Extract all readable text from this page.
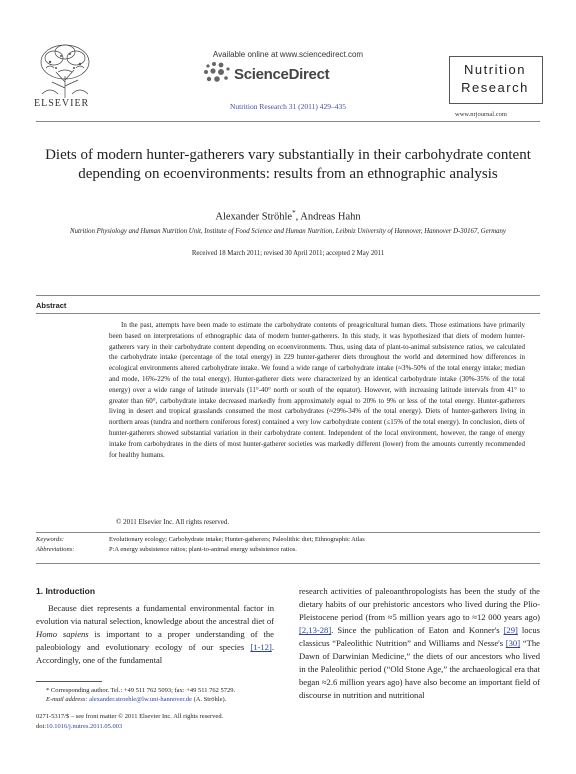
ELSEVIER
Available online at www.sciencedirect.com
ScienceDirect
Nutrition Research 31 (2011) 429–435
Nutrition
Research
www.nrjournal.com
Diets of modern hunter-gatherers vary substantially in their carbohydrate content depending on ecoenvironments: results from an ethnographic analysis
Alexander Ströhle*, Andreas Hahn
Nutrition Physiology and Human Nutrition Unit, Institute of Food Science and Human Nutrition, Leibniz University of Hannover, Hannover D-30167, Germany
Received 18 March 2011; revised 30 April 2011; accepted 2 May 2011
Abstract
In the past, attempts have been made to estimate the carbohydrate contents of preagricultural human diets. Those estimations have primarily been based on interpretations of ethnographic data of modern hunter-gatherers. In this study, it was hypothesized that diets of modern hunter-gatherers vary in their carbohydrate content depending on ecoenvironments. Thus, using data of plant-to-animal subsistence ratios, we calculated the carbohydrate intake (percentage of the total energy) in 229 hunter-gatherer diets throughout the world and determined how differences in ecological environments altered carbohydrate intake. We found a wide range of carbohydrate intake (≈3%-50% of the total energy intake; median and mode, 16%-22% of the total energy). Hunter-gatherer diets were characterized by an identical carbohydrate intake (30%-35% of the total energy) over a wide range of latitude intervals (11°-40° north or south of the equator). However, with increasing latitude intervals from 41° to greater than 60°, carbohydrate intake decreased markedly from approximately equal to 20% to 9% or less of the total energy. Hunter-gatherers living in desert and tropical grasslands consumed the most carbohydrates (≈29%-34% of the total energy). Diets of hunter-gatherers living in northern areas (tundra and northern coniferous forest) contained a very low carbohydrate content (≤15% of the total energy). In conclusion, diets of hunter-gatherers showed substantial variation in their carbohydrate content. Independent of the local environment, however, the range of energy intake from carbohydrates in the diets of most hunter-gatherer societies was markedly different (lower) from the amounts currently recommended for healthy humans.
© 2011 Elsevier Inc. All rights reserved.
Keywords:	Evolutionary ecology; Carbohydrate intake; Hunter-gatherers; Paleolithic diet; Ethnographic Atlas
Abbreviations:	P:A energy subsistence ratios; plant-to-animal energy subsistence ratios.
1. Introduction
Because diet represents a fundamental environmental factor in evolution via natural selection, knowledge about the ancestral diet of Homo sapiens is important to a proper understanding of the paleobiology and evolutionary ecology of our species [1-12]. Accordingly, one of the fundamental
research activities of paleoanthropologists has been the study of the dietary habits of our prehistoric ancestors who lived during the Plio-Pleistocene period (from ≈5 million years ago to ≈12 000 years ago) [2,13-28]. Since the publication of Eaton and Konner's [29] locus classicus “Paleolithic Nutrition” and Williams and Nesse's [30] “The Dawn of Darwinian Medicine,” the diets of our ancestors who lived in the Paleolithic period (“Old Stone Age,” the archaeological era that began ≈2.6 million years ago) have also become an important field of discourse in nutrition and nutritional
* Corresponding author. Tel.: +49 511 762 5093; fax: +49 511 762 5729.
E-mail address: alexander.stroehle@lw.uni-hannover.de (A. Ströhle).
0271-5317/$ – see front matter © 2011 Elsevier Inc. All rights reserved.
doi:10.1016/j.nutres.2011.05.003
